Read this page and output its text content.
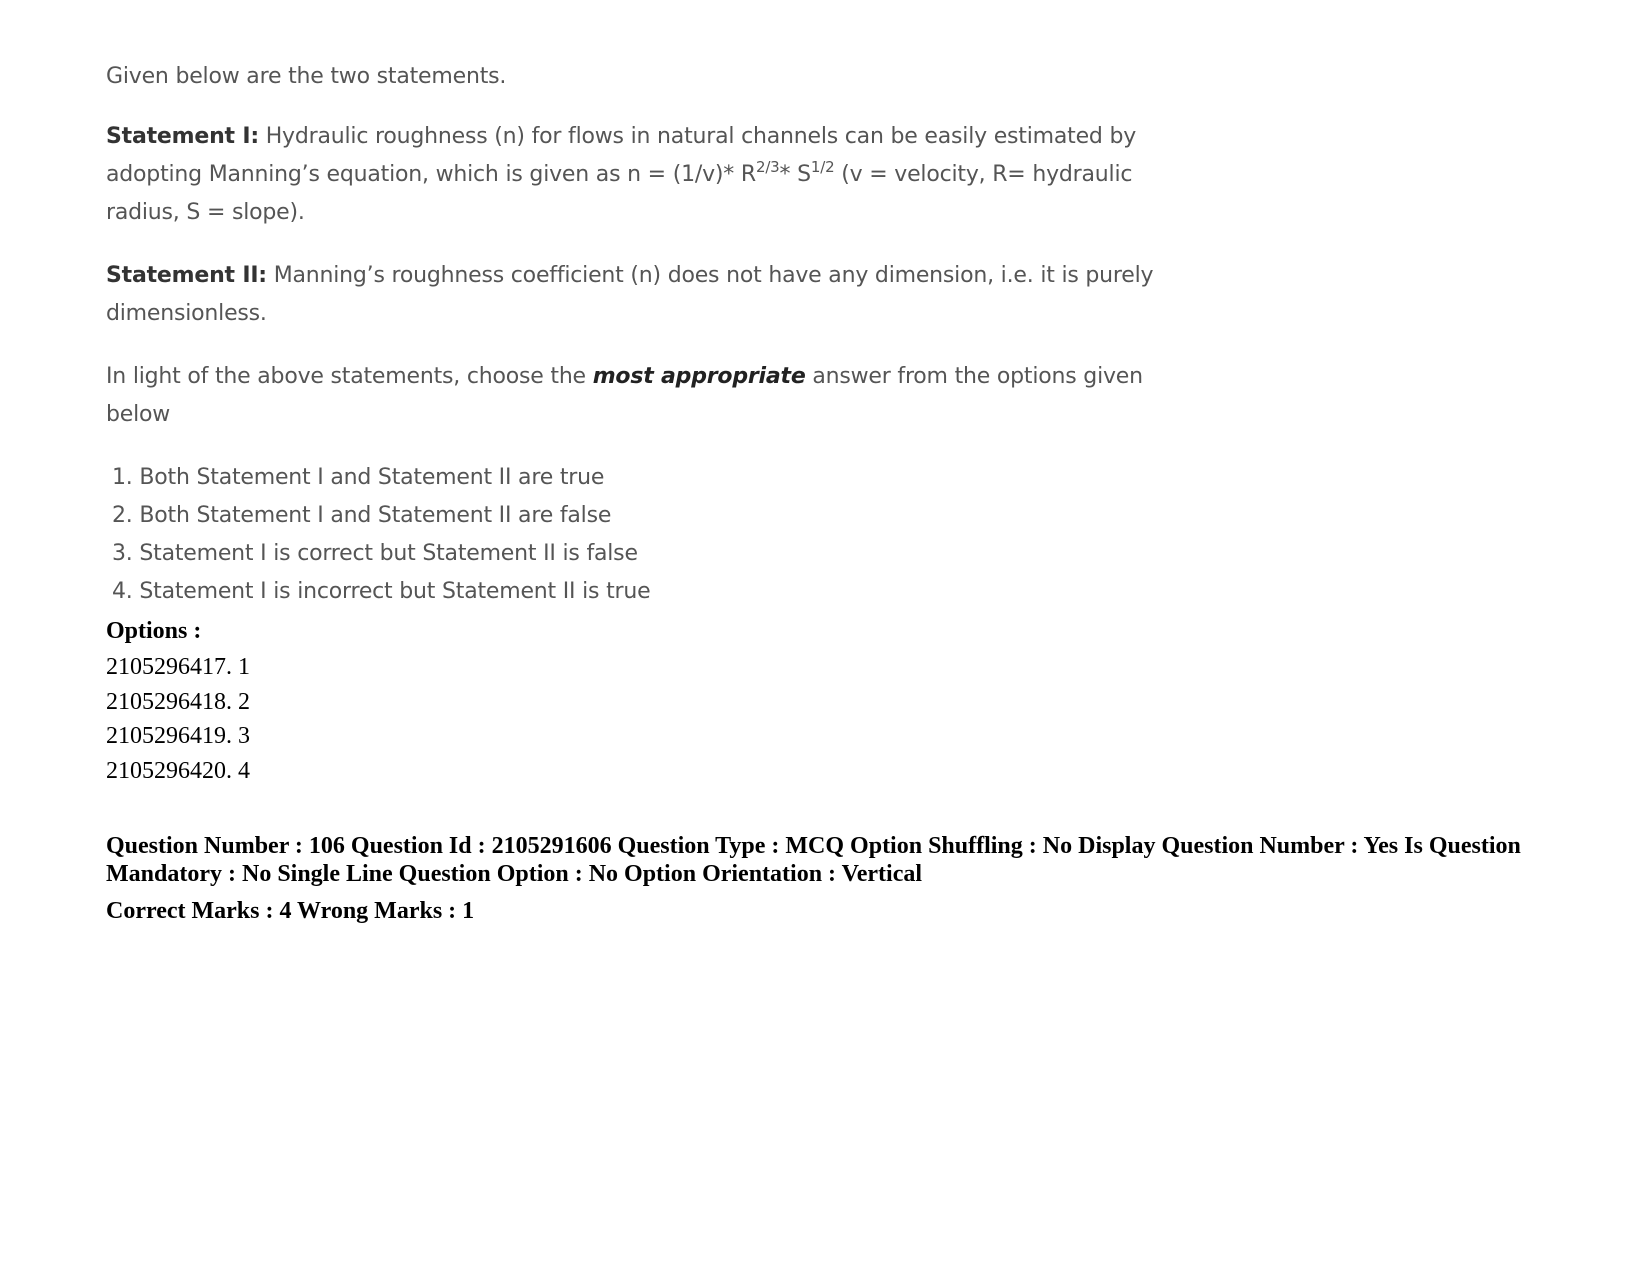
Given below are the two statements.

Statement I: Hydraulic roughness (n) for flows in natural channels can be easily estimated by adopting Manning’s equation, which is given as n = (1/v)* $R^{2/3}*$ $S^{1/2}$ (v = velocity, R= hydraulic radius, S = slope).

Statement II: Manning’s roughness coefficient (n) does not have any dimension, i.e. it is purely dimensionless.

In light of the above statements, choose the most appropriate answer from the options given below

1. Both Statement I and Statement II are true
2. Both Statement I and Statement II are false
3. Statement I is correct but Statement II is false
4. Statement I is incorrect but Statement II is true
Options :
2105296417. 1
2105296418. 2
2105296419. 3
2105296420. 4
Question Number : 106 Question Id : 2105291606 Question Type : MCQ Option Shuffling : No Display Question Number : Yes Is Question Mandatory : No Single Line Question Option : No Option Orientation : Vertical
Correct Marks : 4 Wrong Marks : 1
